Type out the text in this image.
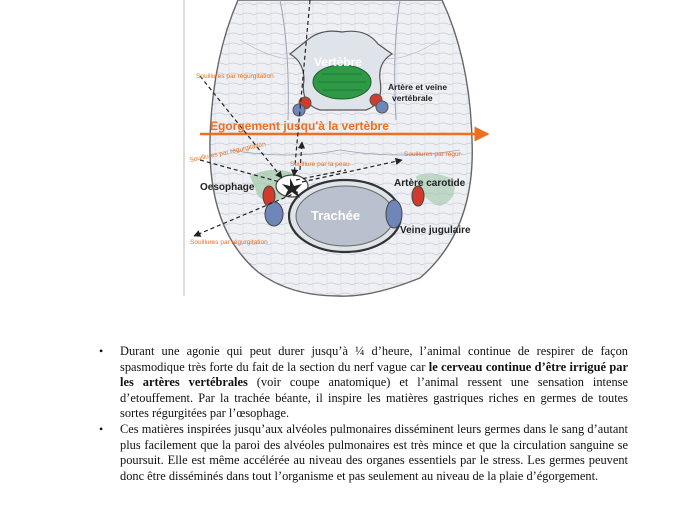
Vertèbre
Artère et veine
vertébrale
Egorgement jusqu'à la vertèbre
Souillures par régurgitation
Souillures par régurgitation
Souillure par la peau
Souillures par régur-
Oesophage	Artère carotide
Trachée
Veine jugulaire
Souillures par régurgitation
• Durant une agonie qui peut durer jusqu’à ¼ d’heure, l’animal continue de respirer de façon spasmodique très forte du fait de la section du nerf vague car le cerveau continue d’être irrigué par les artères vertébrales (voir coupe anatomique) et l’animal ressent une sensation intense d’etouffement. Par la trachée béante, il inspire les matières gastriques riches en germes de toutes sortes régurgitées par l’œsophage.
• Ces matières inspirées jusqu’aux alvéoles pulmonaires disséminent leurs germes dans le sang d’autant plus facilement que la paroi des alvéoles pulmonaires est très mince et que la circulation sanguine se poursuit. Elle est même accélérée au niveau des organes essentiels par le stress. Les germes peuvent donc être disséminés dans tout l’organisme et pas seulement au niveau de la plaie d’égorgement.
